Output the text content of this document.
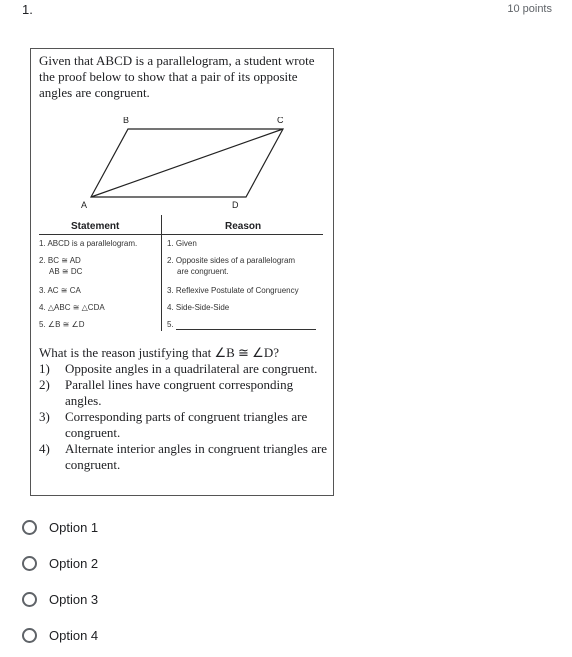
1.	10 points
Given that ABCD is a parallelogram, a student wrote the proof below to show that a pair of its opposite angles are congruent.
B	C
A	D
Statement	Reason
1. ABCD is a parallelogram.	1. Given
2. BC ≅ AD
AB ≅ DC
2. Opposite sides of a parallelogram
are congruent.
3. AC ≅ CA	3. Reflexive Postulate of Congruency
4. △ABC ≅ △CDA	4. Side-Side-Side
5. ∠B ≅ ∠D	5.
What is the reason justifying that ∠B ≅ ∠D?
1) Opposite angles in a quadrilateral are congruent.
2) Parallel lines have congruent corresponding angles.
3) Corresponding parts of congruent triangles are congruent.
4) Alternate interior angles in congruent triangles are congruent.
Option 1
Option 2
Option 3
Option 4
